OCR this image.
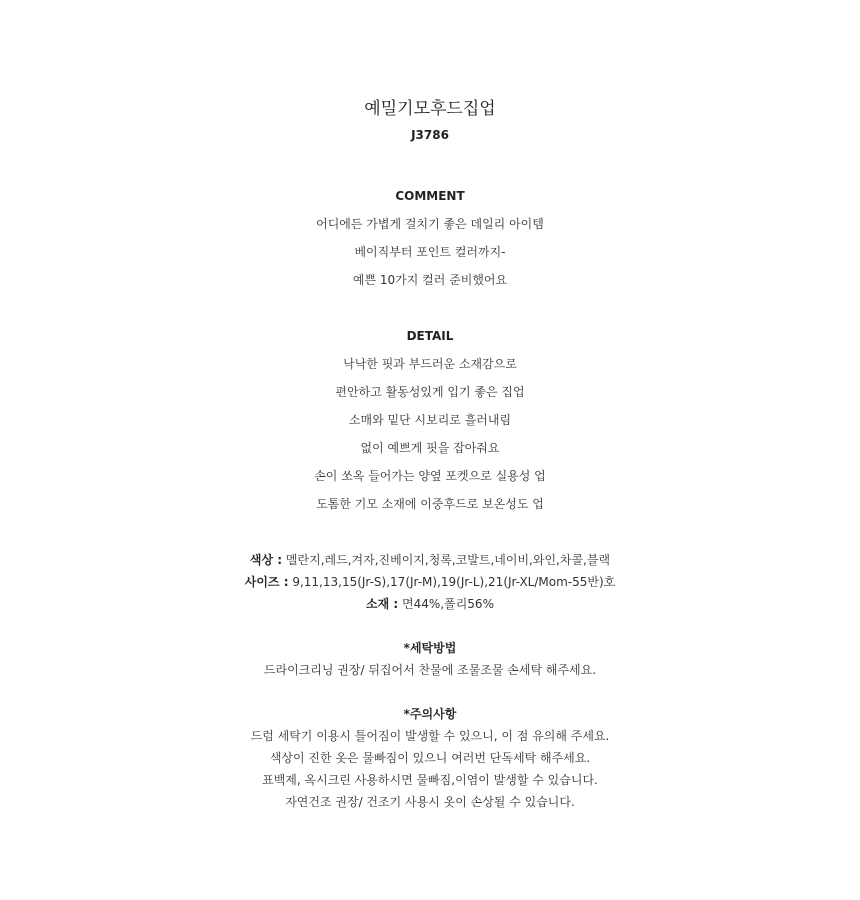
예밀기모후드집업
J3786
COMMENT
어디에든 가볍게 걸치기 좋은 데일리 아이템
베이직부터 포인트 컬러까지-
예쁜 10가지 컬러 준비했어요
DETAIL
낙낙한 핏과 부드러운 소재감으로
편안하고 활동성있게 입기 좋은 집업
소매와 밑단 시보리로 흘러내림
없이 예쁘게 핏을 잡아줘요
손이 쏘옥 들어가는 양옆 포켓으로 실용성 업
도톰한 기모 소재에 이중후드로 보온성도 업
색상 : 멜란지,레드,겨자,진베이지,청록,코발트,네이비,와인,차콜,블랙
사이즈 : 9,11,13,15(Jr-S),17(Jr-M),19(Jr-L),21(Jr-XL/Mom-55반)호
소재 : 면44%,폴리56%
*세탁방법
드라이크리닝 권장/ 뒤집어서 찬물에 조물조물 손세탁 해주세요.
*주의사항
드럼 세탁기 이용시 틀어짐이 발생할 수 있으니, 이 점 유의해 주세요.
색상이 진한 옷은 물빠짐이 있으니 여러번 단독세탁 해주세요.
표백제, 옥시크린 사용하시면 물빠짐,이염이 발생할 수 있습니다.
자연건조 권장/ 건조기 사용시 옷이 손상될 수 있습니다.
